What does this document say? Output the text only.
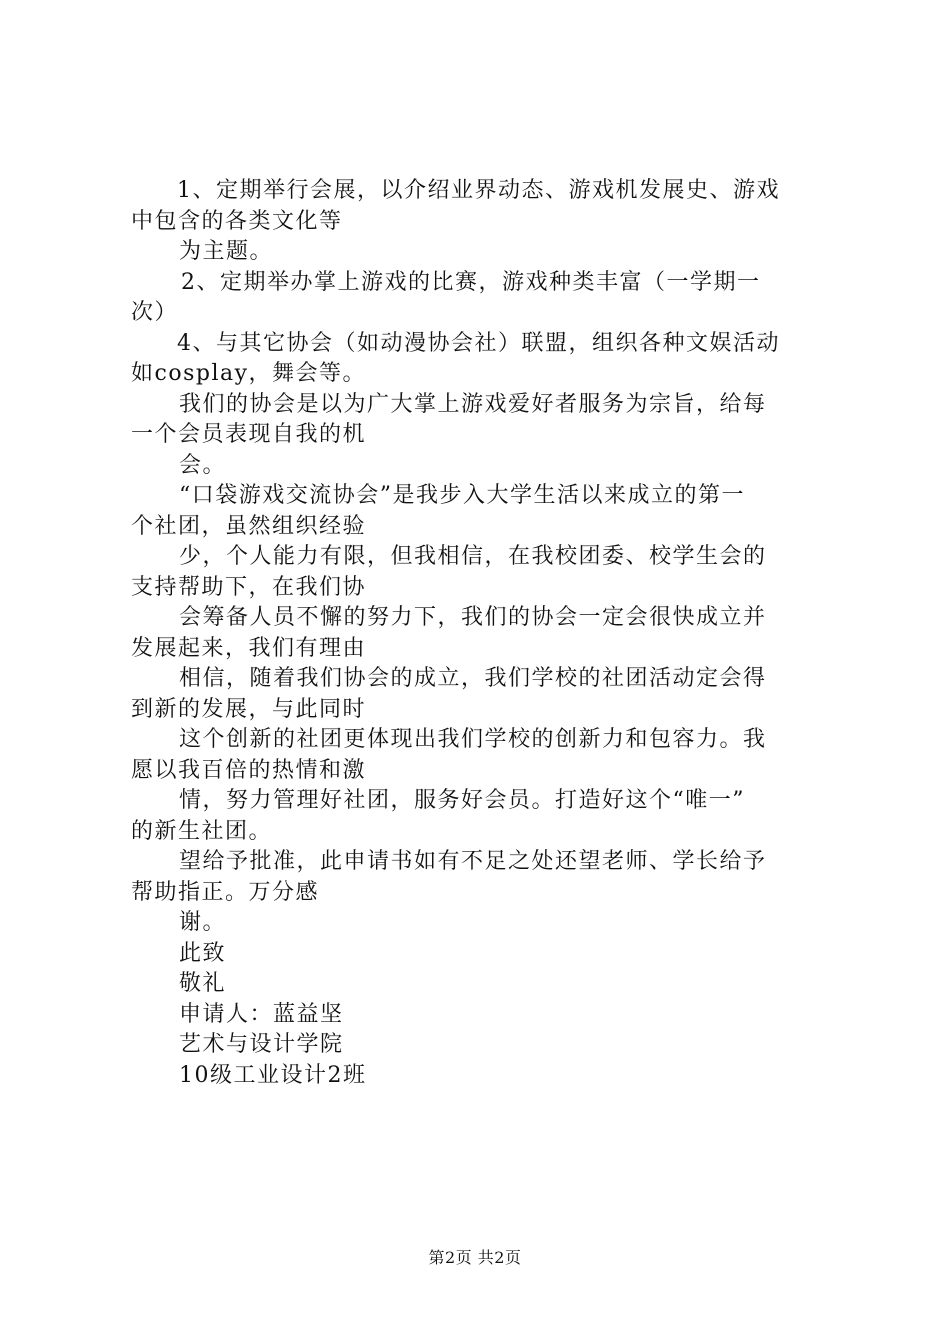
1、定期举行会展，以介绍业界动态、游戏机发展史、游戏
中包含的各类文化等
为主题。
2、定期举办掌上游戏的比赛，游戏种类丰富（一学期一
次）
4、与其它协会（如动漫协会社）联盟，组织各种文娱活动
如cosplay，舞会等。
我们的协会是以为广大掌上游戏爱好者服务为宗旨，给每
一个会员表现自我的机
会。
“口袋游戏交流协会”是我步入大学生活以来成立的第一
个社团，虽然组织经验
少，个人能力有限，但我相信，在我校团委、校学生会的
支持帮助下，在我们协
会筹备人员不懈的努力下，我们的协会一定会很快成立并
发展起来，我们有理由
相信，随着我们协会的成立，我们学校的社团活动定会得
到新的发展，与此同时
这个创新的社团更体现出我们学校的创新力和包容力。我
愿以我百倍的热情和激
情，努力管理好社团，服务好会员。打造好这个“唯一”
的新生社团。
望给予批准，此申请书如有不足之处还望老师、学长给予
帮助指正。万分感
谢。
此致
敬礼
申请人：蓝益坚
艺术与设计学院
10级工业设计2班
第2页 共2页
